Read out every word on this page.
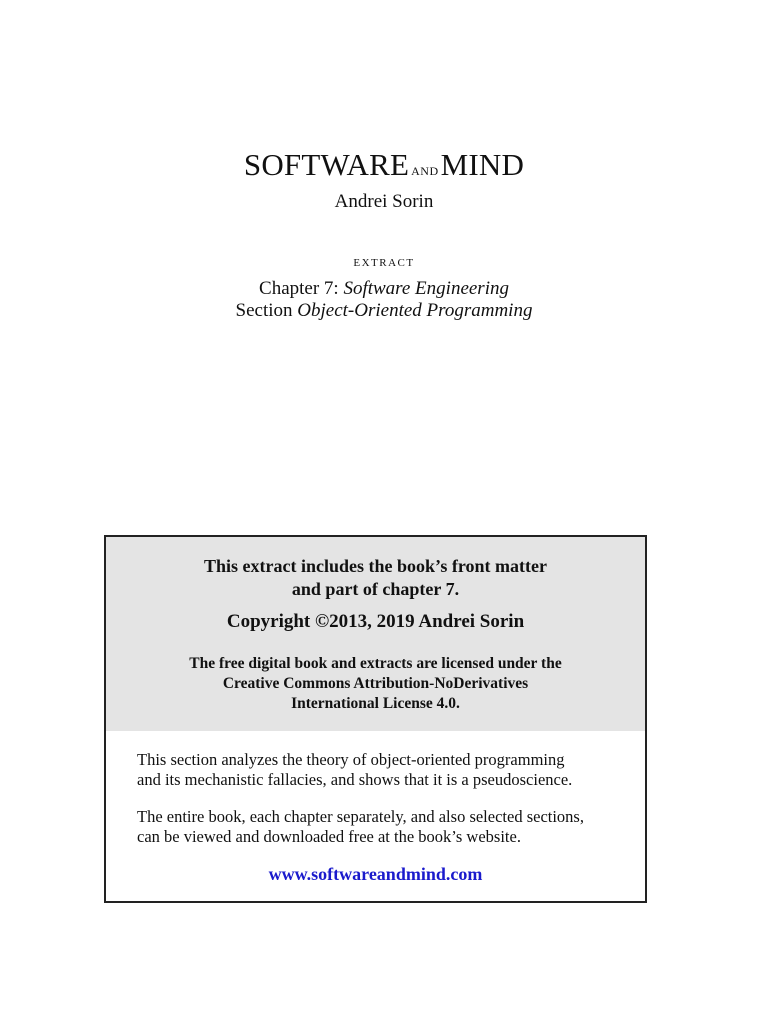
SOFTWARE andMIND
Andrei Sorin
extract
Chapter 7: Software Engineering
Section Object-Oriented Programming
This extract includes the book’s front matter
and part of chapter 7.
Copyright ©2013, 2019 Andrei Sorin
The free digital book and extracts are licensed under the
Creative Commons Attribution-NoDerivatives
International License 4.0.
This section analyzes the theory of object-oriented programming
and its mechanistic fallacies, and shows that it is a pseudoscience.
The entire book, each chapter separately, and also selected sections,
can be viewed and downloaded free at the book’s website.
www.softwareandmind.com
